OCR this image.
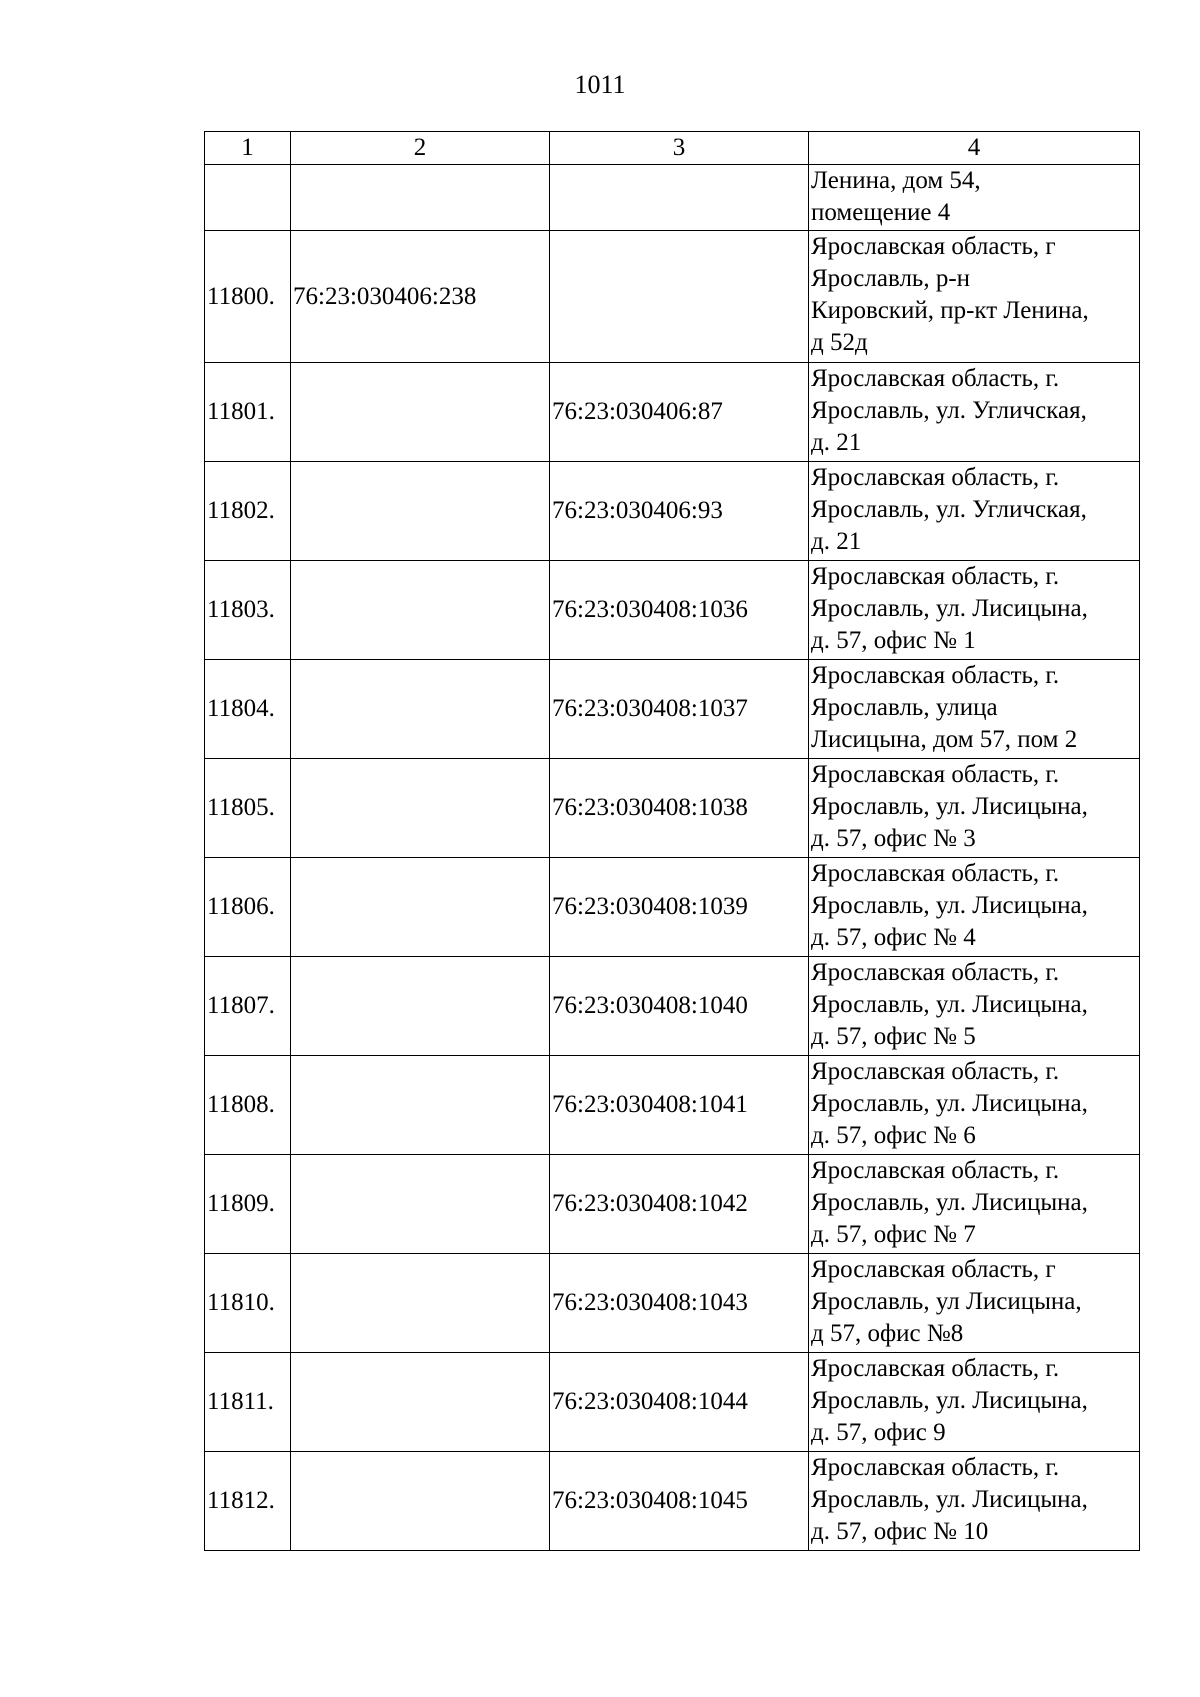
1011
1	2	3	4
			Ленина, дом 54,
помещение 4
11800.	76:23:030406:238		Ярославская область, г
Ярославль, р-н
Кировский, пр-кт Ленина,
д 52д
11801.		76:23:030406:87	Ярославская область, г.
Ярославль, ул. Угличская,
д. 21
11802.		76:23:030406:93	Ярославская область, г.
Ярославль, ул. Угличская,
д. 21
11803.		76:23:030408:1036	Ярославская область, г.
Ярославль, ул. Лисицына,
д. 57, офис № 1
11804.		76:23:030408:1037	Ярославская область, г.
Ярославль, улица
Лисицына, дом 57, пом 2
11805.		76:23:030408:1038	Ярославская область, г.
Ярославль, ул. Лисицына,
д. 57, офис № 3
11806.		76:23:030408:1039	Ярославская область, г.
Ярославль, ул. Лисицына,
д. 57, офис № 4
11807.		76:23:030408:1040	Ярославская область, г.
Ярославль, ул. Лисицына,
д. 57, офис № 5
11808.		76:23:030408:1041	Ярославская область, г.
Ярославль, ул. Лисицына,
д. 57, офис № 6
11809.		76:23:030408:1042	Ярославская область, г.
Ярославль, ул. Лисицына,
д. 57, офис № 7
11810.		76:23:030408:1043	Ярославская область, г
Ярославль, ул Лисицына,
д 57, офис №8
11811.		76:23:030408:1044	Ярославская область, г.
Ярославль, ул. Лисицына,
д. 57, офис 9
11812.		76:23:030408:1045	Ярославская область, г.
Ярославль, ул. Лисицына,
д. 57, офис № 10
